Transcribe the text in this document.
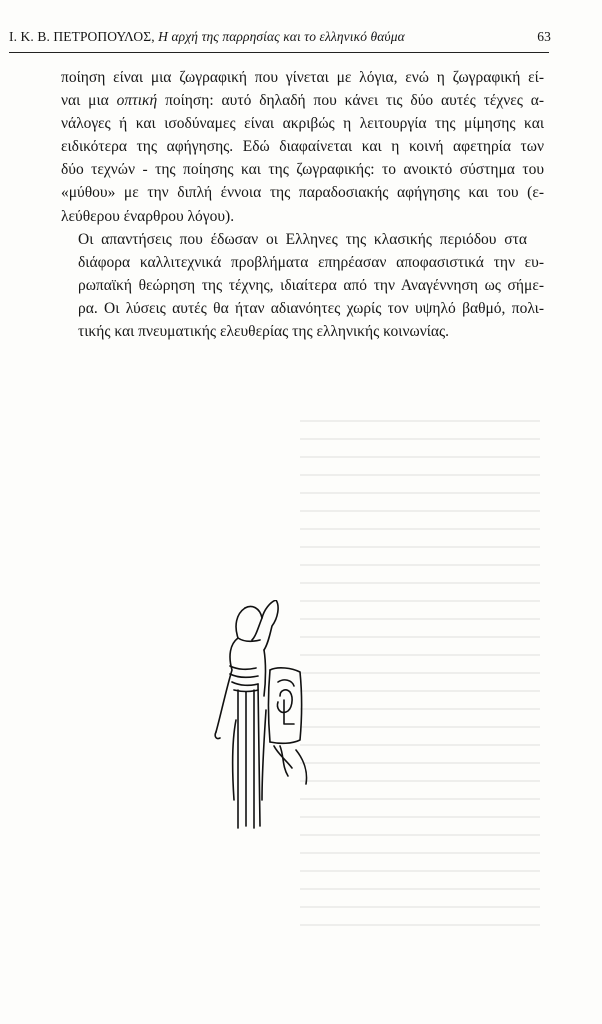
Ι. Κ. Β. ΠΕΤΡΟΠΟΥΛΟΣ, Η αρχή της παρρησίας και το ελληνικό θαύμα	63

ποίηση είναι μια ζωγραφική που γίνεται με λόγια, ενώ η ζωγραφική εί-
ναι μια οπτική ποίηση: αυτό δηλαδή που κάνει τις δύο αυτές τέχνες α-
νάλογες ή και ισοδύναμες είναι ακριβώς η λειτουργία της μίμησης και
ειδικότερα της αφήγησης. Εδώ διαφαίνεται και η κοινή αφετηρία των
δύο τεχνών - της ποίησης και της ζωγραφικής: το ανοικτό σύστημα του
«μύθου» με την διπλή έννοια της παραδοσιακής αφήγησης και του (ε-
λεύθερου έναρθρου λόγου).

Οι απαντήσεις που έδωσαν οι Ελληνες της κλασικής περιόδου στα
διάφορα καλλιτεχνικά προβλήματα επηρέασαν αποφασιστικά την ευ-
ρωπαϊκή θεώρηση της τέχνης, ιδιαίτερα από την Αναγέννηση ως σήμε-
ρα. Οι λύσεις αυτές θα ήταν αδιανόητες χωρίς τον υψηλό βαθμό, πολι-
τικής και πνευματικής ελευθερίας της ελληνικής κοινωνίας.
